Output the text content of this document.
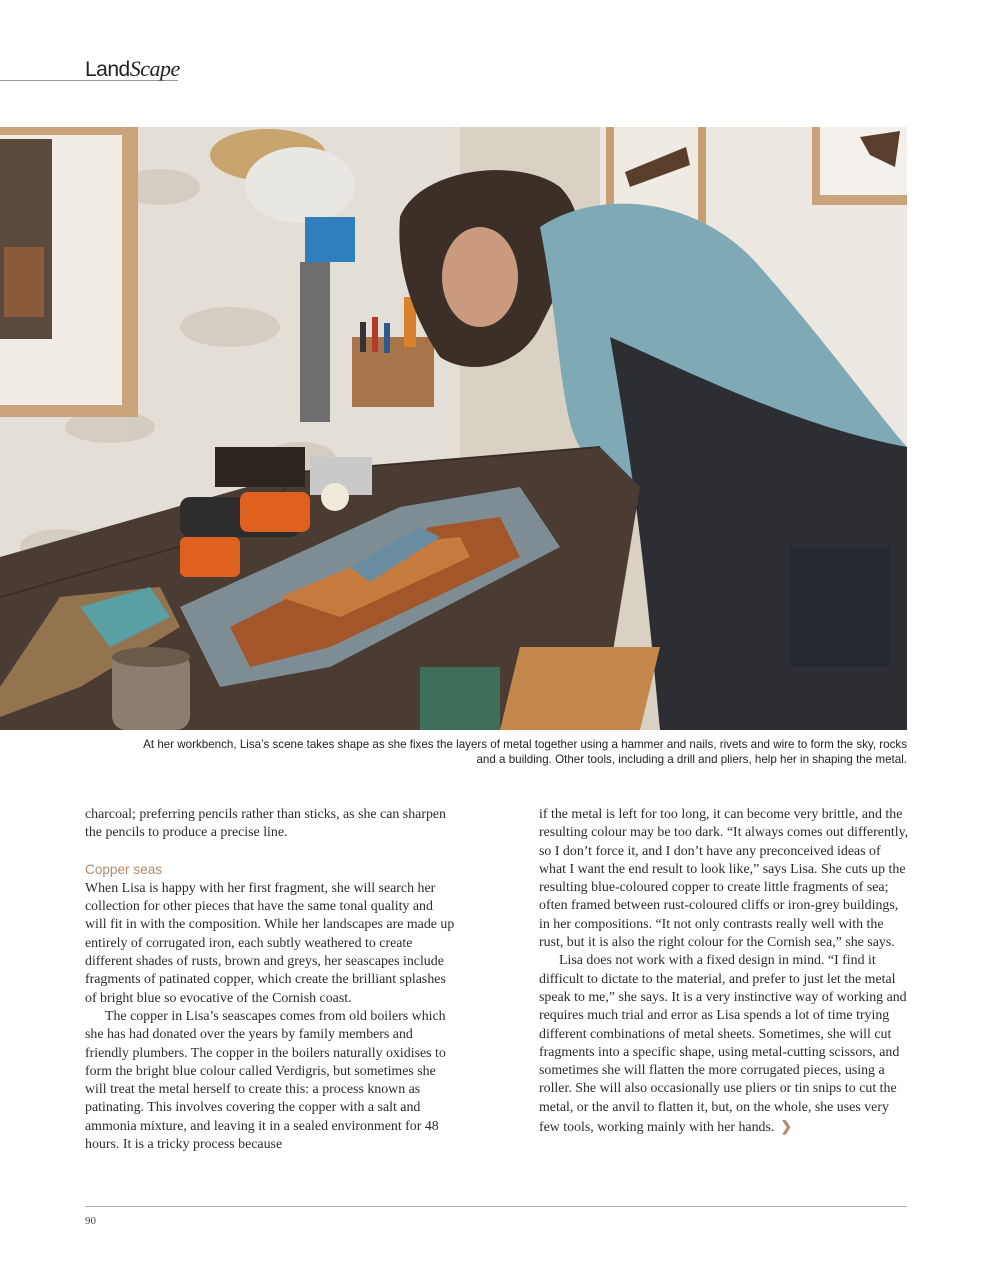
LandScape
At her workbench, Lisa’s scene takes shape as she fixes the layers of metal together using a hammer and nails, rivets and wire to form the sky, rocks
and a building. Other tools, including a drill and pliers, help her in shaping the metal.

charcoal; preferring pencils rather than sticks, as she can sharpen the pencils to produce a precise line.

Copper seas

When Lisa is happy with her first fragment, she will search her collection for other pieces that have the same tonal quality and will fit in with the composition. While her landscapes are made up entirely of corrugated iron, each subtly weathered to create different shades of rusts, brown and greys, her seascapes include fragments of patinated copper, which create the brilliant splashes of bright blue so evocative of the Cornish coast.

The copper in Lisa’s seascapes comes from old boilers which she has had donated over the years by family members and friendly plumbers. The copper in the boilers naturally oxidises to form the bright blue colour called Verdigris, but sometimes she will treat the metal herself to create this: a process known as patinating. This involves covering the copper with a salt and ammonia mixture, and leaving it in a sealed environment for 48 hours. It is a tricky process because

if the metal is left for too long, it can become very brittle, and the resulting colour may be too dark. “It always comes out differently, so I don’t force it, and I don’t have any preconceived ideas of what I want the end result to look like,” says Lisa. She cuts up the resulting blue-coloured copper to create little fragments of sea; often framed between rust-coloured cliffs or iron-grey buildings, in her compositions. “It not only contrasts really well with the rust, but it is also the right colour for the Cornish sea,” she says.

Lisa does not work with a fixed design in mind. “I find it difficult to dictate to the material, and prefer to just let the metal speak to me,” she says. It is a very instinctive way of working and requires much trial and error as Lisa spends a lot of time trying different combinations of metal sheets. Sometimes, she will cut fragments into a specific shape, using metal-cutting scissors, and sometimes she will flatten the more corrugated pieces, using a roller. She will also occasionally use pliers or tin snips to cut the metal, or the anvil to flatten it, but, on the whole, she uses very few tools, working mainly with her hands. ❯

90
